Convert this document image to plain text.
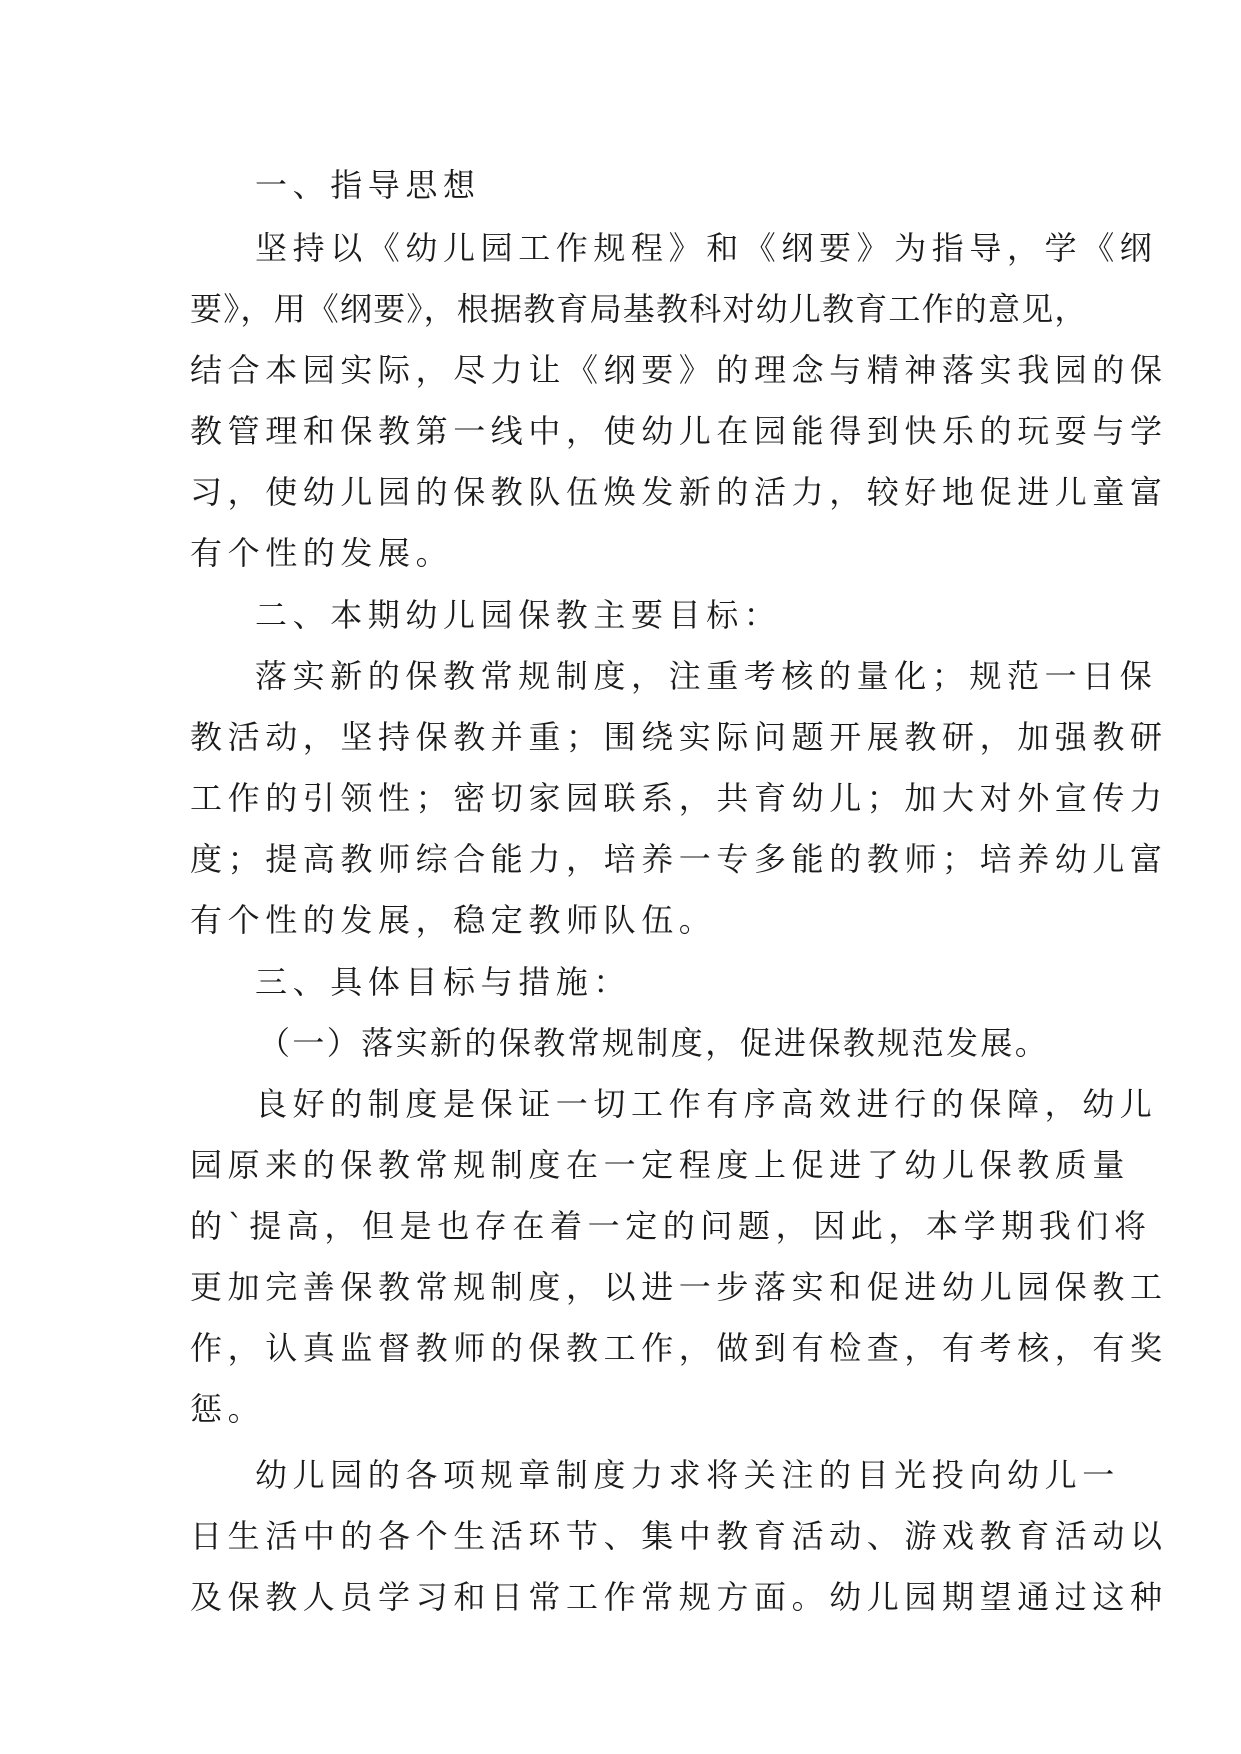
一、指导思想
坚持以《幼儿园工作规程》和《纲要》为指导，学《纲
要》，用《纲要》，根据教育局基教科对幼儿教育工作的意见，
结合本园实际，尽力让《纲要》的理念与精神落实我园的保
教管理和保教第一线中，使幼儿在园能得到快乐的玩耍与学
习，使幼儿园的保教队伍焕发新的活力，较好地促进儿童富
有个性的发展。
二、本期幼儿园保教主要目标：
落实新的保教常规制度，注重考核的量化；规范一日保
教活动，坚持保教并重；围绕实际问题开展教研，加强教研
工作的引领性；密切家园联系，共育幼儿；加大对外宣传力
度；提高教师综合能力，培养一专多能的教师；培养幼儿富
有个性的发展，稳定教师队伍。
三、具体目标与措施：
（一）落实新的保教常规制度，促进保教规范发展。
良好的制度是保证一切工作有序高效进行的保障，幼儿
园原来的保教常规制度在一定程度上促进了幼儿保教质量
的`提高，但是也存在着一定的问题，因此，本学期我们将
更加完善保教常规制度，以进一步落实和促进幼儿园保教工
作，认真监督教师的保教工作，做到有检查，有考核，有奖
惩。
幼儿园的各项规章制度力求将关注的目光投向幼儿一
日生活中的各个生活环节、集中教育活动、游戏教育活动以
及保教人员学习和日常工作常规方面。幼儿园期望通过这种
